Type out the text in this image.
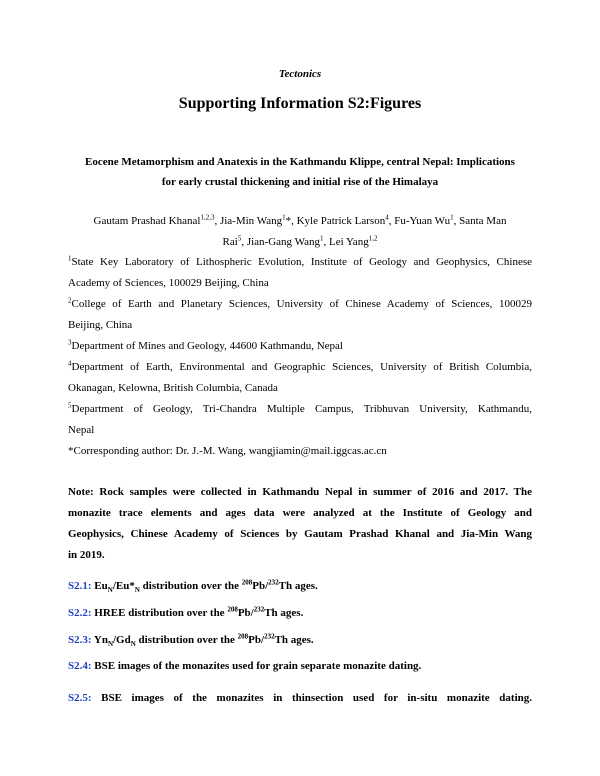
Tectonics
Supporting Information S2:Figures
Eocene Metamorphism and Anatexis in the Kathmandu Klippe, central Nepal: Implications
for early crustal thickening and initial rise of the Himalaya
Gautam Prashad Khanal$^{1,2,3}$, Jia-Min Wang$^1$*, Kyle Patrick Larson$^4$, Fu-Yuan Wu$^1$, Santa Man
Rai$^5$, Jian-Gang Wang$^1$, Lei Yang$^{1,2}$
$^1$State Key Laboratory of Lithospheric Evolution, Institute of Geology and Geophysics, Chinese
Academy of Sciences, 100029 Beijing, China
$^2$College of Earth and Planetary Sciences, University of Chinese Academy of Sciences, 100029
Beijing, China
$^3$Department of Mines and Geology, 44600 Kathmandu, Nepal
$^4$Department of Earth, Environmental and Geographic Sciences, University of British Columbia,
Okanagan, Kelowna, British Columbia, Canada
$^5$Department of Geology, Tri-Chandra Multiple Campus, Tribhuvan University, Kathmandu,
Nepal
*Corresponding author: Dr. J.-M. Wang, wangjiamin@mail.iggcas.ac.cn
Note: Rock samples were collected in Kathmandu Nepal in summer of 2016 and 2017. The
monazite trace elements and ages data were analyzed at the Institute of Geology and
Geophysics, Chinese Academy of Sciences by Gautam Prashad Khanal and Jia-Min Wang
in 2019.
S2.1: $Eu_N/Eu*_N$ distribution over the $^{208}$Pb/$^{232}$Th ages.
S2.2: HREE distribution over the $^{208}$Pb/$^{232}$Th ages.
S2.3: $Yn_N/Gd_N$ distribution over the $^{208}$Pb/$^{232}$Th ages.
S2.4: BSE images of the monazites used for grain separate monazite dating.
S2.5: BSE images of the monazites in thinsection used for in-situ monazite dating.
